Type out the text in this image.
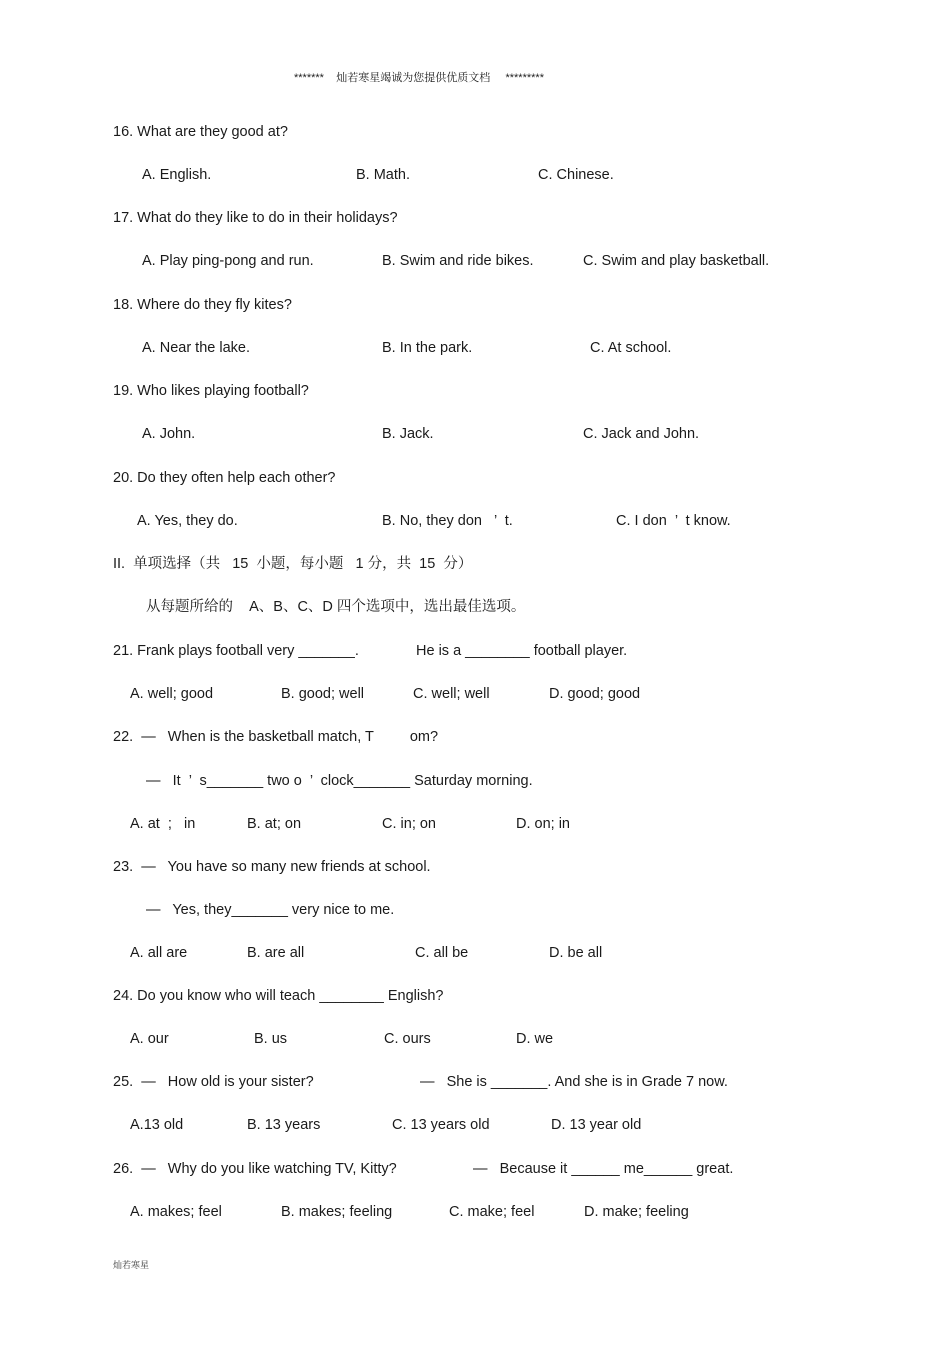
*******    灿若寒星竭诚为您提供优质文档     *********
16. What are they good at?
A. English.	B. Math.	C. Chinese.
17. What do they like to do in their holidays?
A. Play ping-pong and run.	B. Swim and ride bikes.	C. Swim and play basketball.
18. Where do they fly kites?
A. Near the lake.	B. In the park.	C. At school.
19. Who likes playing football?
A. John.	B. Jack.	C. Jack and John.
20. Do they often help each other?
A. Yes, they do.	B. No, they don   ’  t.	C. I don  ’  t know.
II.  单项选择（共   15  小题，每小题   1 分，共  15  分）
从每题所给的    A、B、C、D 四个选项中，选出最佳选项。
21. Frank plays football very _______.	He is a ________ football player.
A. well; good	B. good; well	C. well; well	D. good; good
22.  —   When is the basketball match, T         om?
—   It  ’  s_______ two o  ’  clock_______ Saturday morning.
A. at  ;   in	B. at; on	C. in; on	D. on; in
23.  —   You have so many new friends at school.
—   Yes, they_______ very nice to me.
A. all are	B. are all	C. all be	D. be all
24. Do you know who will teach ________ English?
A. our	B. us	C. ours	D. we
25.  —   How old is your sister?	—   She is _______. And she is in Grade 7 now.
A.13 old	B. 13 years	C. 13 years old	D. 13 year old
26.  —   Why do you like watching TV, Kitty?	—   Because it ______ me______ great.
A. makes; feel	B. makes; feeling	C. make; feel	D. make; feeling
灿若寒星
